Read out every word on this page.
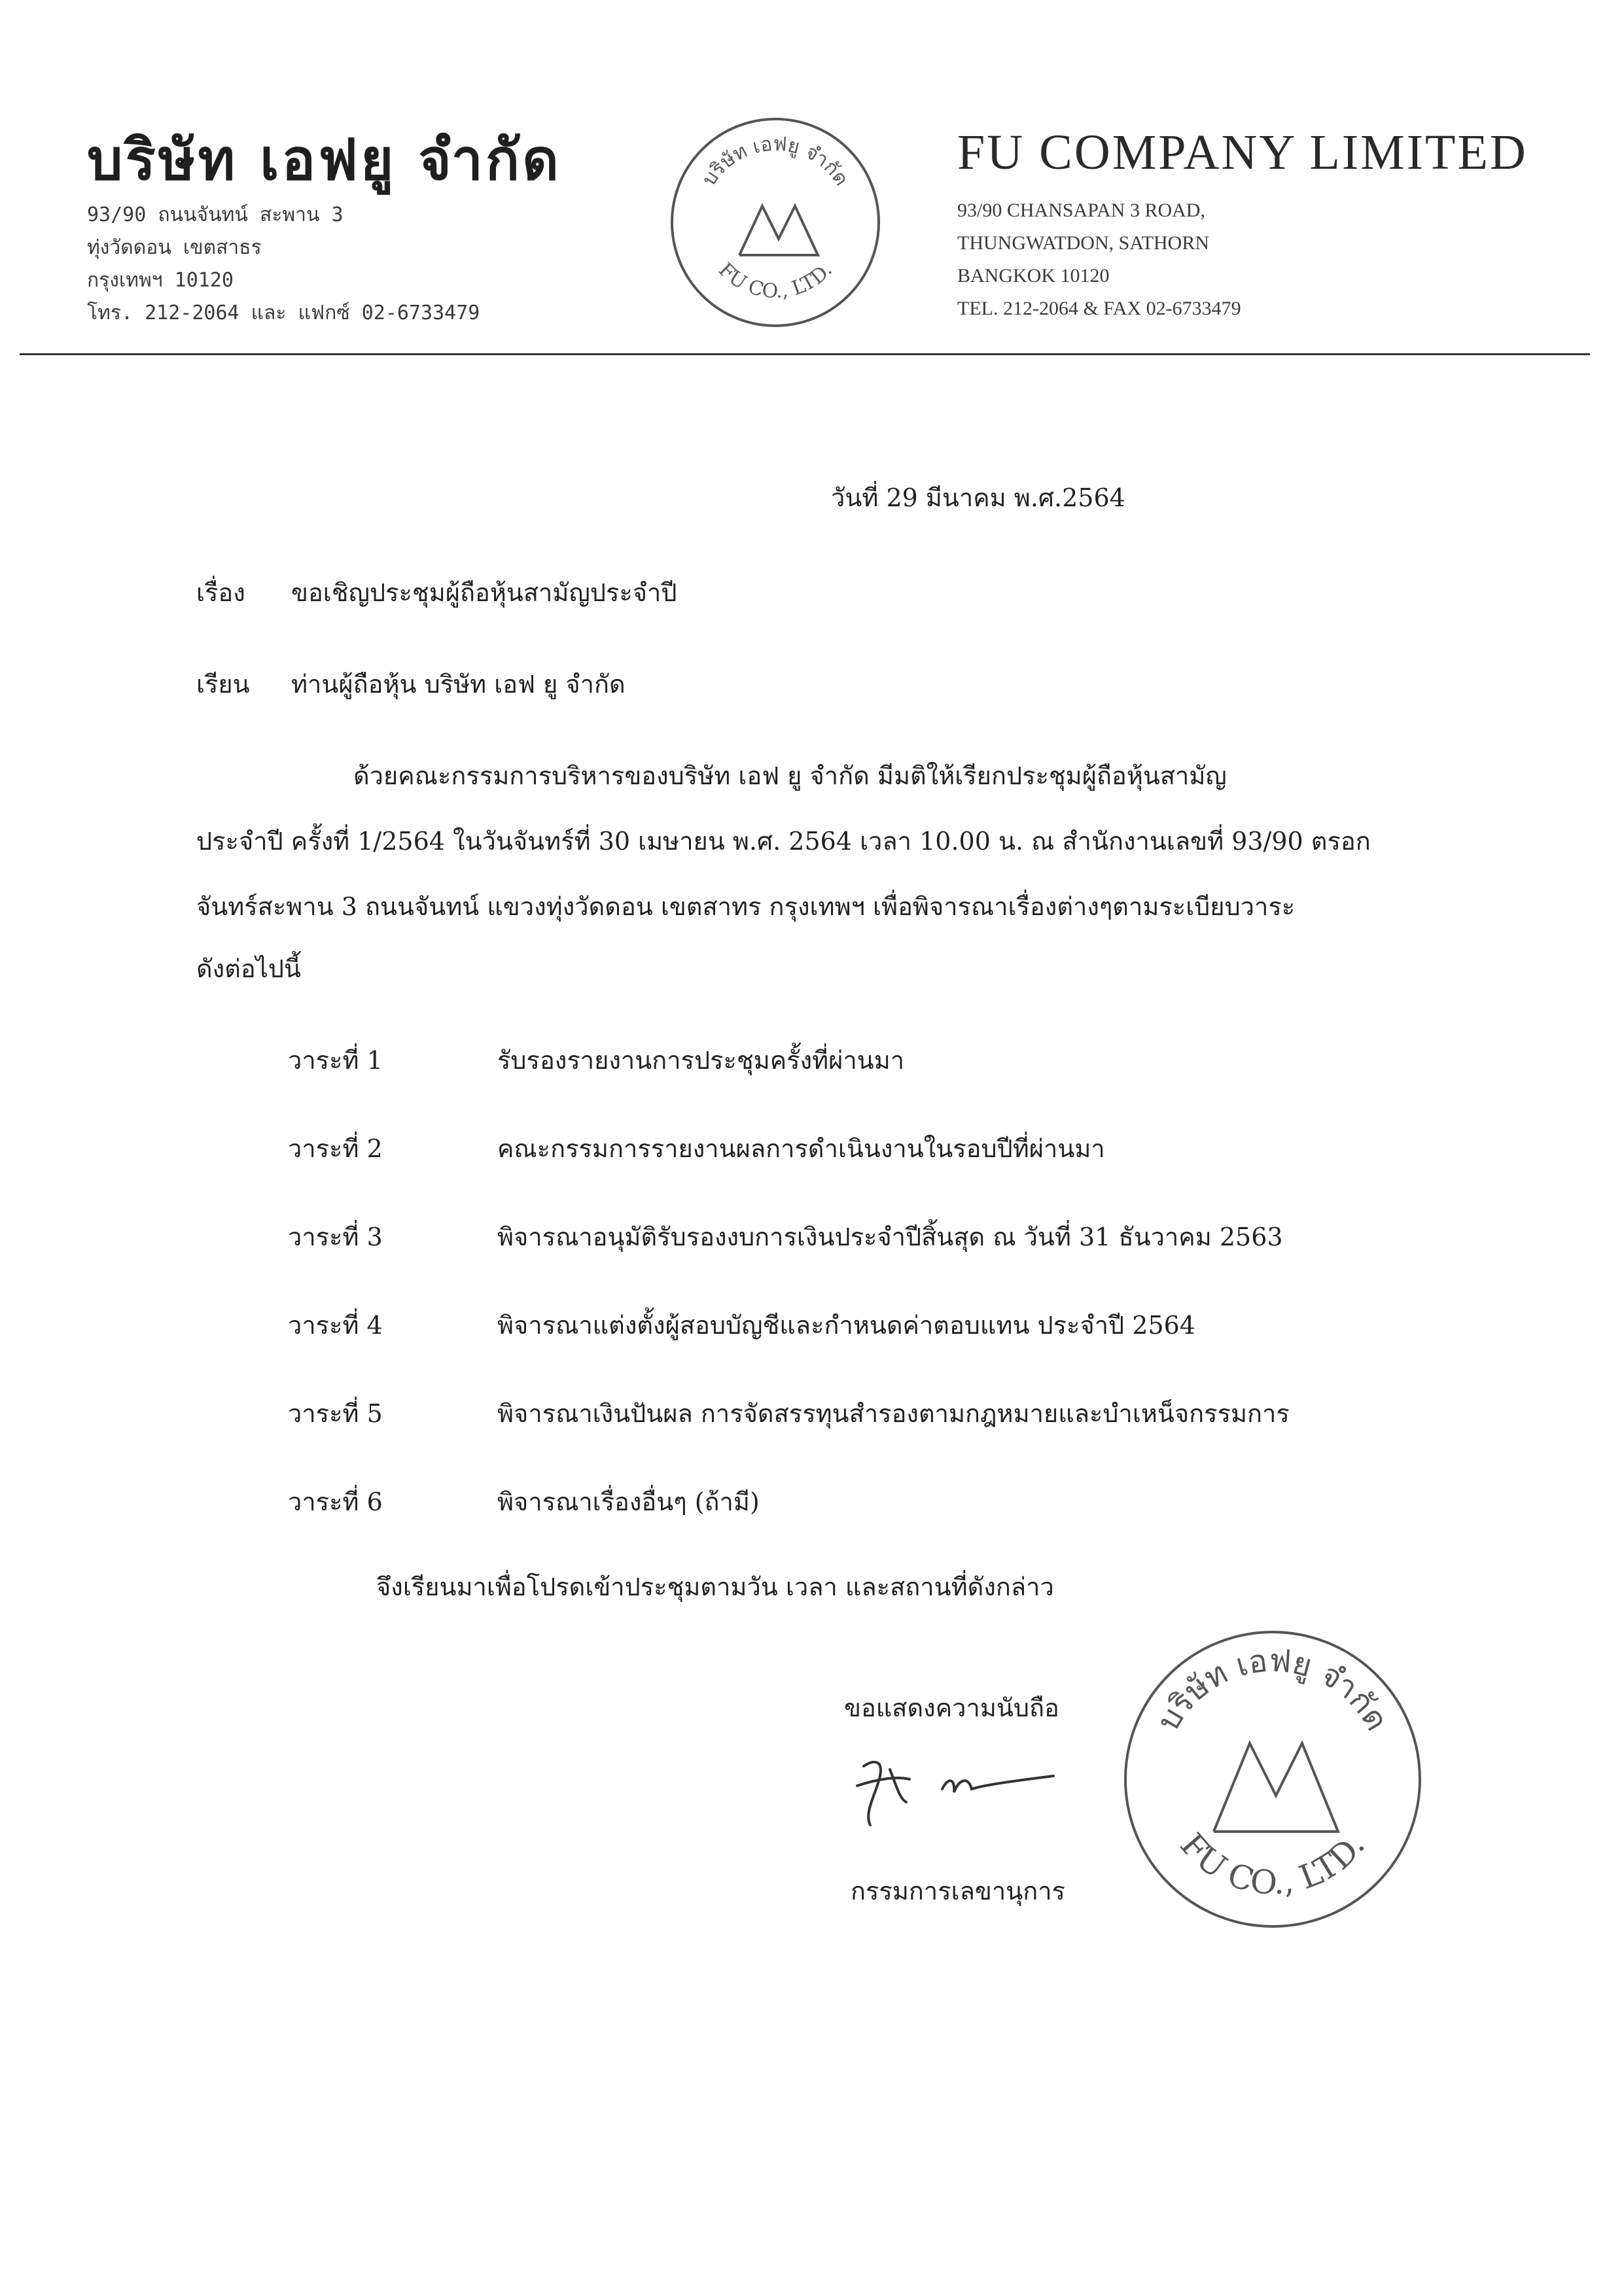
บริษัท เอฟยู จำกัด
93/90 ถนนจันทน์ สะพาน 3
ทุ่งวัดดอน เขตสาธร
กรุงเทพฯ 10120
โทร. 212-2064 และ แฟกซ์ 02-6733479
บริษัท เอฟยู จำกัด
FU CO., LTD.
FU COMPANY LIMITED
93/90 CHANSAPAN 3 ROAD,
THUNGWATDON, SATHORN
BANGKOK 10120
TEL. 212-2064 & FAX 02-6733479
วันที่ 29 มีนาคม พ.ศ.2564
เรื่อง ขอเชิญประชุมผู้ถือหุ้นสามัญประจำปี
เรียน ท่านผู้ถือหุ้น บริษัท เอฟ ยู จำกัด
ด้วยคณะกรรมการบริหารของบริษัท เอฟ ยู จำกัด มีมติให้เรียกประชุมผู้ถือหุ้นสามัญ
ประจำปี ครั้งที่ 1/2564 ในวันจันทร์ที่ 30 เมษายน พ.ศ. 2564 เวลา 10.00 น. ณ สำนักงานเลขที่ 93/90 ตรอก
จันทร์สะพาน 3 ถนนจันทน์ แขวงทุ่งวัดดอน เขตสาทร กรุงเทพฯ เพื่อพิจารณาเรื่องต่างๆตามระเบียบวาระ
ดังต่อไปนี้
วาระที่ 1	รับรองรายงานการประชุมครั้งที่ผ่านมา
วาระที่ 2	คณะกรรมการรายงานผลการดำเนินงานในรอบปีที่ผ่านมา
วาระที่ 3	พิจารณาอนุมัติรับรองงบการเงินประจำปีสิ้นสุด ณ วันที่ 31 ธันวาคม 2563
วาระที่ 4	พิจารณาแต่งตั้งผู้สอบบัญชีและกำหนดค่าตอบแทน ประจำปี 2564
วาระที่ 5	พิจารณาเงินปันผล การจัดสรรทุนสำรองตามกฎหมายและบำเหน็จกรรมการ
วาระที่ 6	พิจารณาเรื่องอื่นๆ (ถ้ามี)
จึงเรียนมาเพื่อโปรดเข้าประชุมตามวัน เวลา และสถานที่ดังกล่าว
ขอแสดงความนับถือ
กรรมการเลขานุการ
บริษัท เอฟยู จำกัด
FU CO., LTD.
